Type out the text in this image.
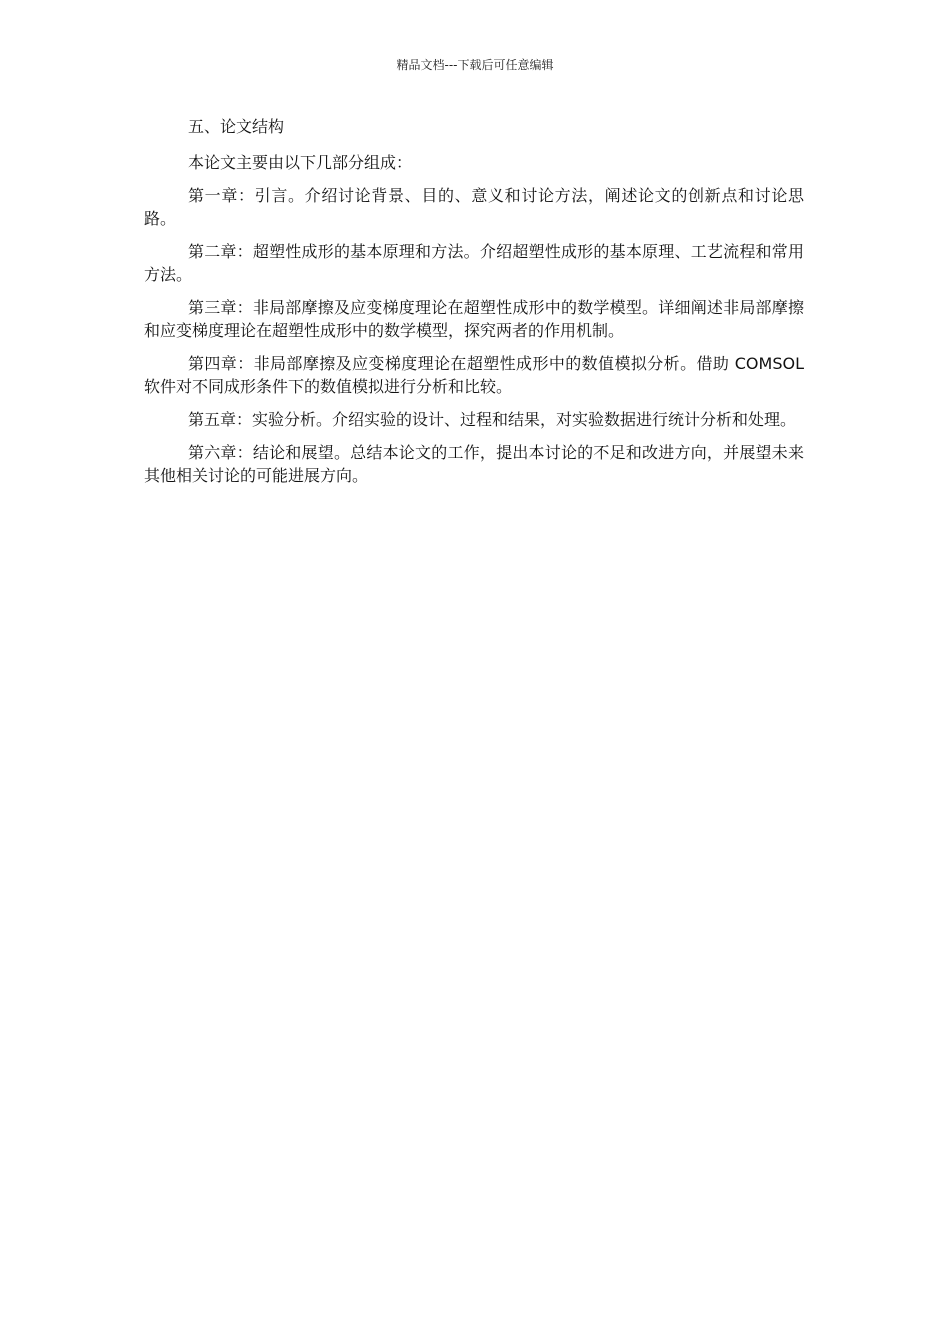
精品文档---下载后可任意编辑

五、论文结构

本论文主要由以下几部分组成：

第一章：引言。介绍讨论背景、目的、意义和讨论方法，阐述论文的创新点和讨论思路。

第二章：超塑性成形的基本原理和方法。介绍超塑性成形的基本原理、工艺流程和常用方法。

第三章：非局部摩擦及应变梯度理论在超塑性成形中的数学模型。详细阐述非局部摩擦和应变梯度理论在超塑性成形中的数学模型，探究两者的作用机制。

第四章：非局部摩擦及应变梯度理论在超塑性成形中的数值模拟分析。借助 COMSOL 软件对不同成形条件下的数值模拟进行分析和比较。

第五章：实验分析。介绍实验的设计、过程和结果，对实验数据进行统计分析和处理。

第六章：结论和展望。总结本论文的工作，提出本讨论的不足和改进方向，并展望未来其他相关讨论的可能进展方向。
